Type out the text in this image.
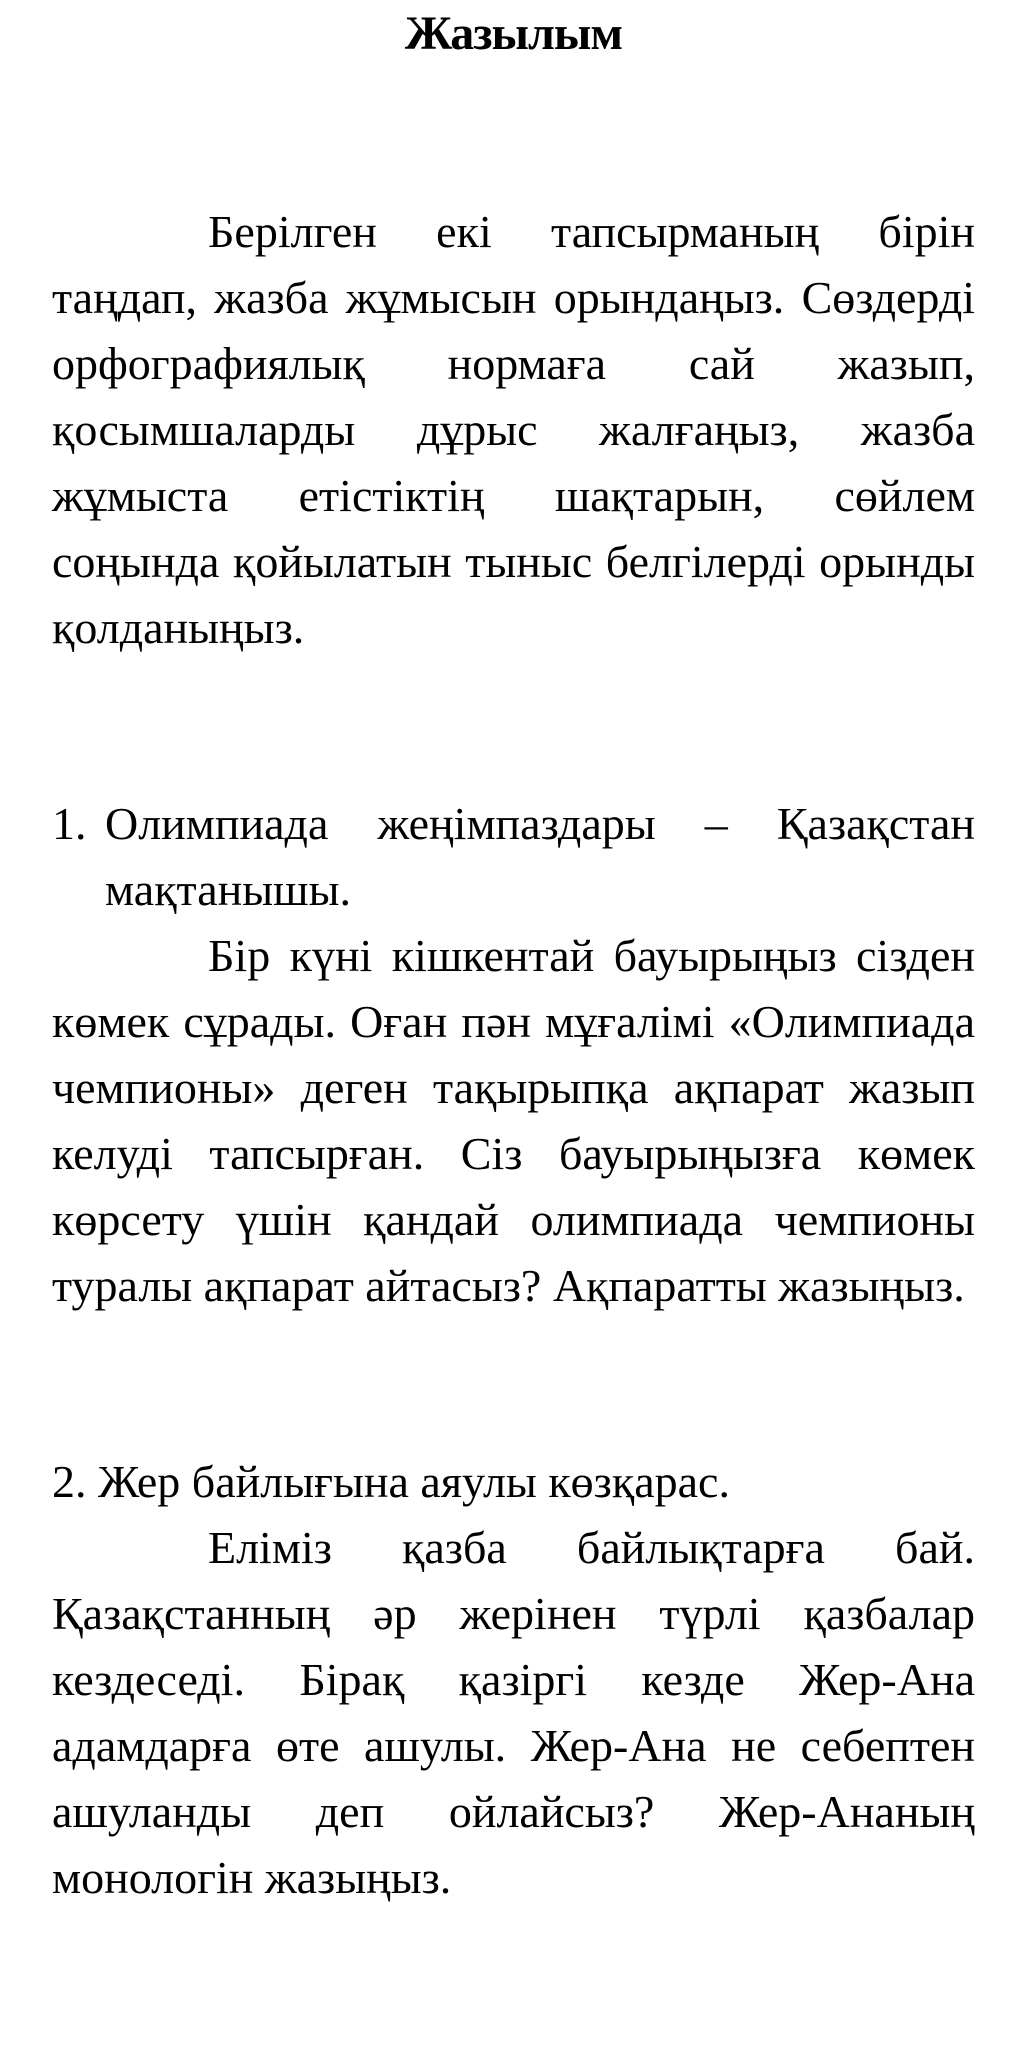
Жазылым

Берілген екі тапсырманың бірін таңдап, жазба жұмысын орындаңыз. Сөздерді орфографиялық нормаға сай жазып, қосымшаларды дұрыс жалғаңыз, жазба жұмыста етістіктің шақтарын, сөйлем соңында қойылатын тыныс белгілерді орынды қолданыңыз.

1. Олимпиада жеңімпаздары – Қазақстан мақтанышы.

Бір күні кішкентай бауырыңыз сізден көмек сұрады. Оған пән мұғалімі «Олимпиада чемпионы» деген тақырыпқа ақпарат жазып келуді тапсырған. Сіз бауырыңызға көмек көрсету үшін қандай олимпиада чемпионы туралы ақпарат айтасыз? Ақпаратты жазыңыз.

2. Жер байлығына аяулы көзқарас.

Еліміз қазба байлықтарға бай. Қазақстанның әр жерінен түрлі қазбалар кездеседі. Бірақ қазіргі кезде Жер-Ана адамдарға өте ашулы. Жер-Ана не себептен ашуланды деп ойлайсыз? Жер-Ананың монологін жазыңыз.
